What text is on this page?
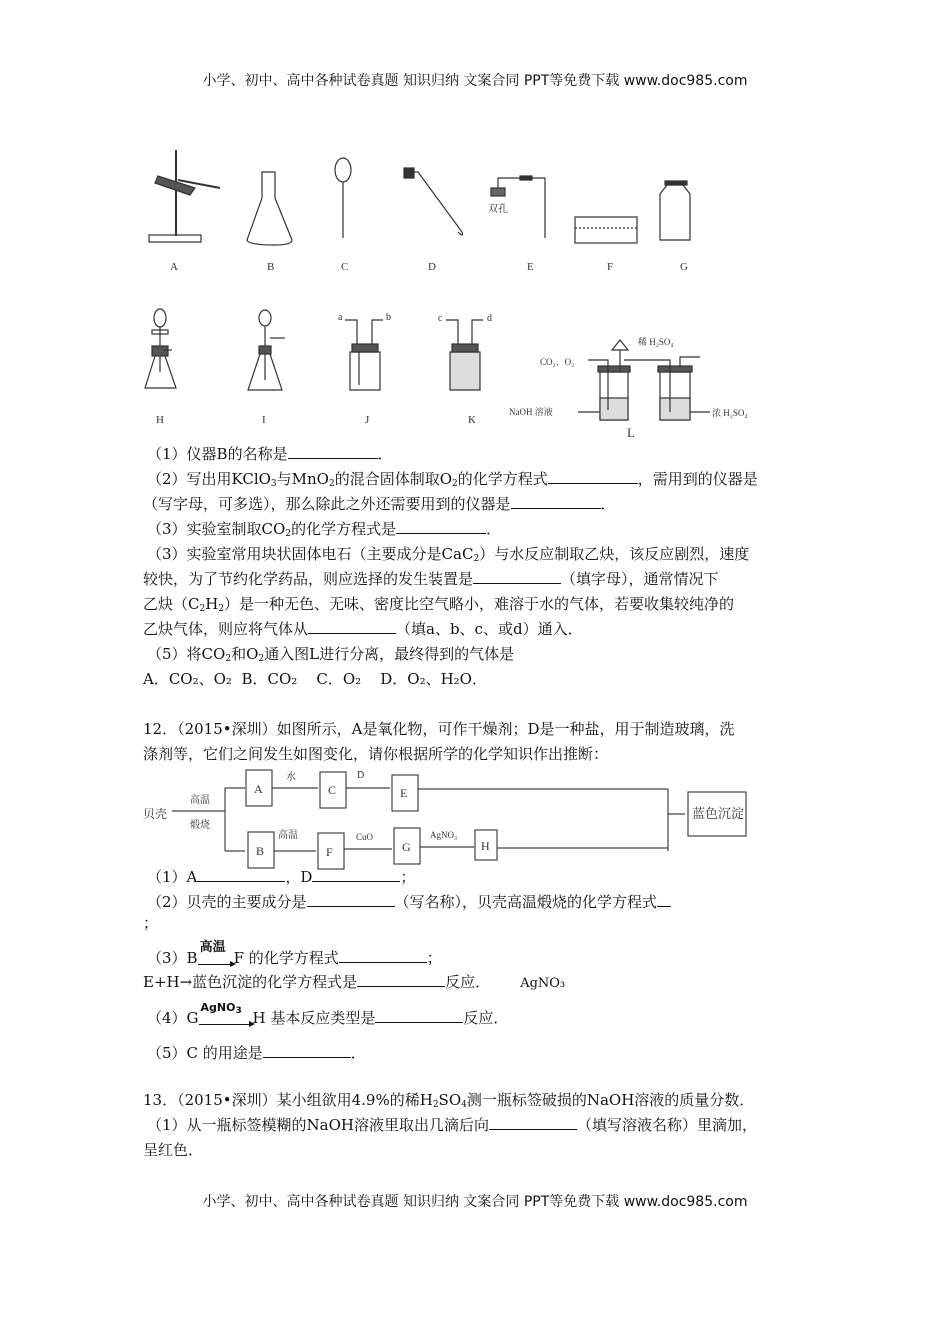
小学、初中、高中各种试卷真题 知识归纳 文案合同 PPT等免费下载 www.doc985.com
双孔
a	b	c	d
稀 H₂SO₄
CO₂、O₂
NaOH 溶液	浓 H₂SO₄
A	B	C	D	E	F	G
H	I	J	K
L
贝壳
高温
煅烧
A	C	E
B	F	G	H
水	D
高温	CuO	AgNO₃
蓝色沉淀
（1）仪器B的名称是	．
（2）写出用KClO$_3$与MnO$_2$的混合固体制取$O_2$的化学方程式	，需用到的仪器是
（写字母，可多选），那么除此之外还需要用到的仪器是	．
（3）实验室制取$CO_2$的化学方程式是	．
（3）实验室常用块状固体电石（主要成分是CaC$_2$）与水反应制取乙炔，该反应剧烈，速度
较快，为了节约化学药品，则应选择的发生装置是	（填字母），通常情况下
乙炔$(C_2H_2)$是一种无色、无味、密度比空气略小，难溶于水的气体，若要收集较纯净的
乙炔气体，则应将气体从	（填a、b、c、或d）通入．
（5）将$CO_2$和$O_2$通入图L进行分离，最终得到的气体是
A．CO₂、O₂ B．CO₂ C．O₂ D．O₂、H₂O．
12．（2015•深圳）如图所示，A是氧化物，可作干燥剂；D是一种盐，用于制造玻璃，洗
涤剂等，它们之间发生如图变化，请你根据所学的化学知识作出推断：
（1）A	，D	；
（2）贝壳的主要成分是	（写名称），贝壳高温煅烧的化学方程式
；
（3）B
高温
F 的化学方程式	；
E+H→蓝色沉淀的化学方程式是	反应． AgNO₃
（4）G
AgNO$_3$ H 基本反应类型是	反应．
（5）C 的用途是	．
13．（2015•深圳）某小组欲用4.9%的稀$H_2SO_4$测一瓶标签破损的NaOH溶液的质量分数．
（1）从一瓶标签模糊的NaOH溶液里取出几滴后向	（填写溶液名称）里滴加，
呈红色．
小学、初中、高中各种试卷真题 知识归纳 文案合同 PPT等免费下载 www.doc985.com
